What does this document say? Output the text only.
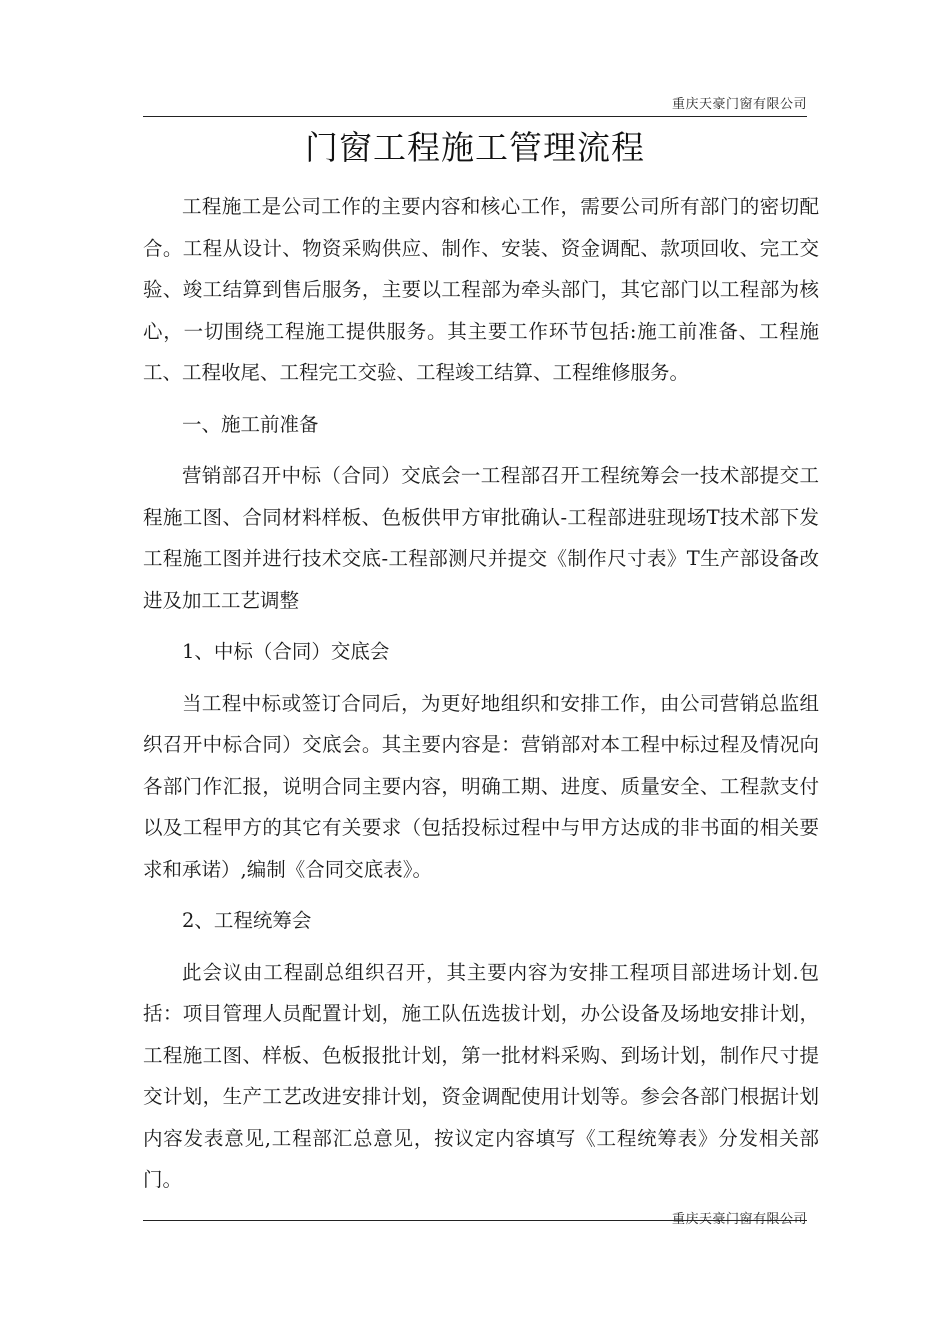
重庆天豪门窗有限公司
门窗工程施工管理流程

工程施工是公司工作的主要内容和核心工作，需要公司所有部门的密切配合。工程从设计、物资采购供应、制作、安装、资金调配、款项回收、完工交验、竣工结算到售后服务，主要以工程部为牵头部门，其它部门以工程部为核心，一切围绕工程施工提供服务。其主要工作环节包括:施工前准备、工程施工、工程收尾、工程完工交验、工程竣工结算、工程维修服务。

一、施工前准备

营销部召开中标（合同）交底会一工程部召开工程统筹会一技术部提交工程施工图、合同材料样板、色板供甲方审批确认-工程部进驻现场T技术部下发工程施工图并进行技术交底-工程部测尺并提交《制作尺寸表》T生产部设备改进及加工工艺调整

1、中标（合同）交底会

当工程中标或签订合同后，为更好地组织和安排工作，由公司营销总监组织召开中标合同）交底会。其主要内容是：营销部对本工程中标过程及情况向各部门作汇报，说明合同主要内容，明确工期、进度、质量安全、工程款支付以及工程甲方的其它有关要求（包括投标过程中与甲方达成的非书面的相关要求和承诺）,编制《合同交底表》。

2、工程统筹会

此会议由工程副总组织召开，其主要内容为安排工程项目部进场计划.包括：项目管理人员配置计划，施工队伍选拔计划，办公设备及场地安排计划，工程施工图、样板、色板报批计划，第一批材料采购、到场计划，制作尺寸提交计划，生产工艺改进安排计划，资金调配使用计划等。参会各部门根据计划内容发表意见,工程部汇总意见，按议定内容填写《工程统筹表》分发相关部门。

重庆天豪门窗有限公司
